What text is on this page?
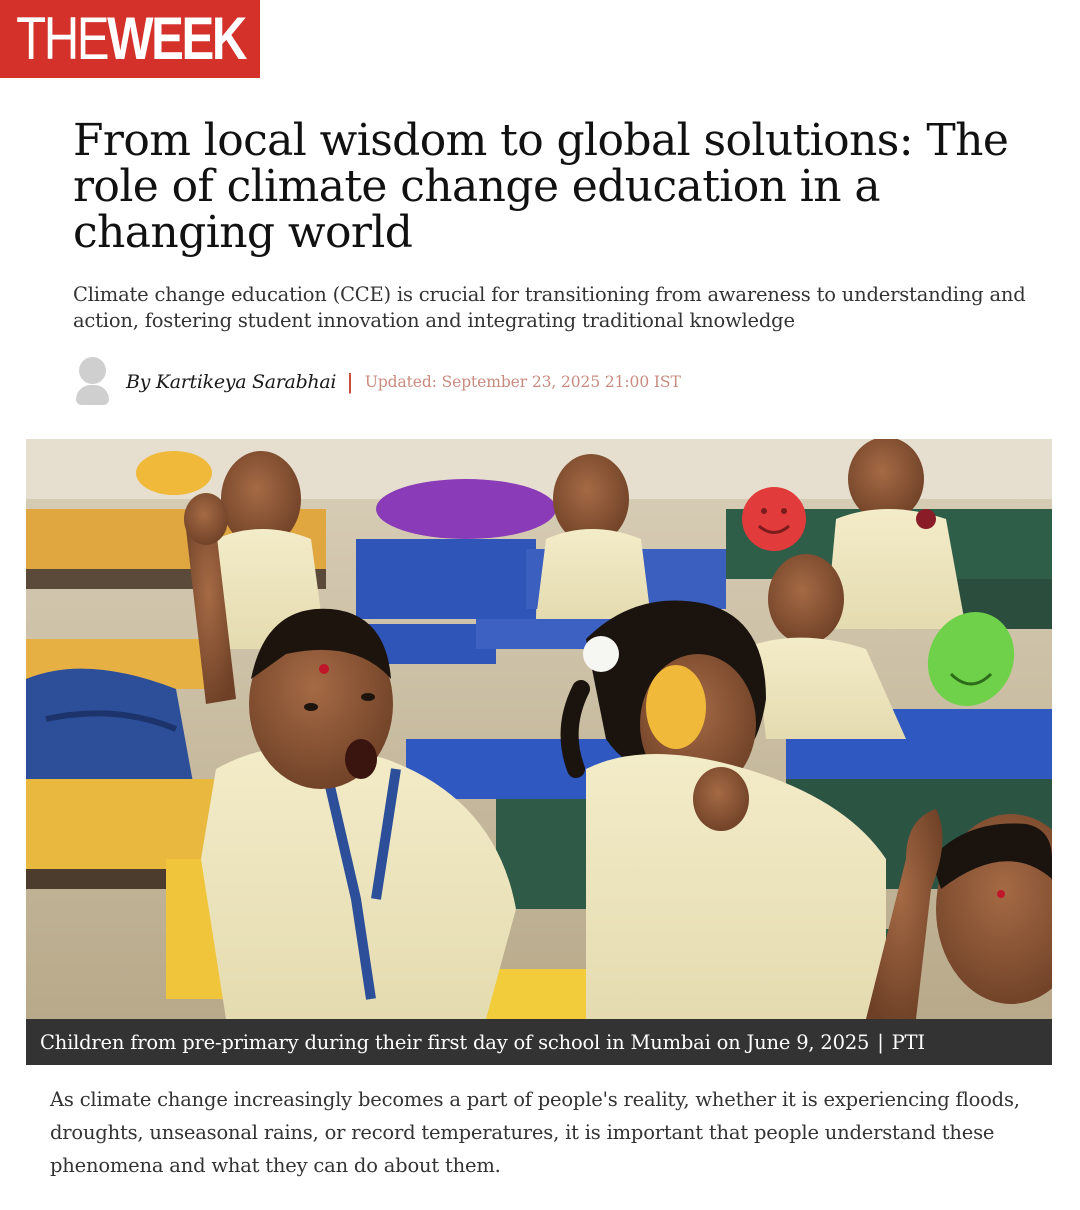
THEWEEK
From local wisdom to global solutions: The role of climate change education in a changing world

Climate change education (CCE) is crucial for transitioning from awareness to understanding and action, fostering student innovation and integrating traditional knowledge

By Kartikeya Sarabhai | Updated: September 23, 2025 21:00 IST
Children from pre-primary during their first day of school in Mumbai on June 9, 2025 | PTI

As climate change increasingly becomes a part of people's reality, whether it is experiencing floods, droughts, unseasonal rains, or record temperatures, it is important that people understand these phenomena and what they can do about them.
